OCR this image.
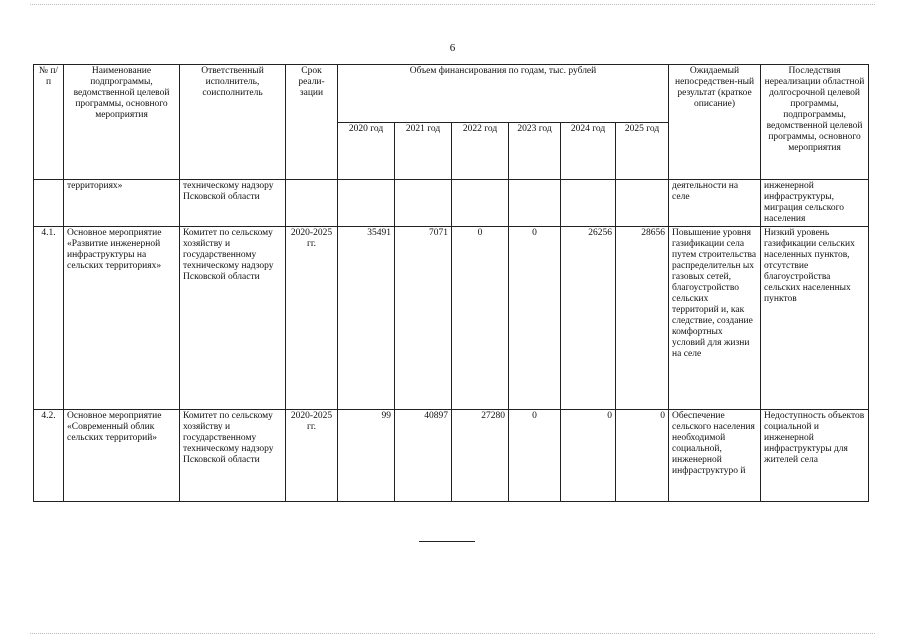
6
№ п/п	Наименование подпрограммы, ведомственной целевой программы, основного мероприятия	Ответственный исполнитель, соисполнитель	Срок реали-зации	Объем финансирования по годам, тыс. рублей						Ожидаемый непосредствен-ный результат (краткое описание)	Последствия нереализации областной долгосрочной целевой программы, подпрограммы, ведомственной целевой программы, основного мероприятия
				2020 год	2021 год	2022 год	2023 год	2024 год	2025 год		
	территориях»	техническому надзору Псковской области								деятельности на селе	инженерной инфраструктуры, миграция сельского населения
4.1.	Основное мероприятие «Развитие инженерной инфраструктуры на сельских территориях»	Комитет по сельскому хозяйству и государственному техническому надзору Псковской области	2020-2025 гг.	35491	7071	0	0	26256	28656	Повышение уровня газификации села путем строительства распределительн ых газовых сетей, благоустройство сельских территорий и, как следствие, создание комфортных условий для жизни на селе	Низкий уровень газификации сельских населенных пунктов, отсутствие благоустройства сельских населенных пунктов
4.2.	Основное мероприятие «Современный облик сельских территорий»	Комитет по сельскому хозяйству и государственному техническому надзору Псковской области	2020-2025 гг.	99	40897	27280	0	0	0	Обеспечение сельского населения необходимой социальной, инженерной инфраструктуро й	Недоступность объектов социальной и инженерной инфраструктуры для жителей села
